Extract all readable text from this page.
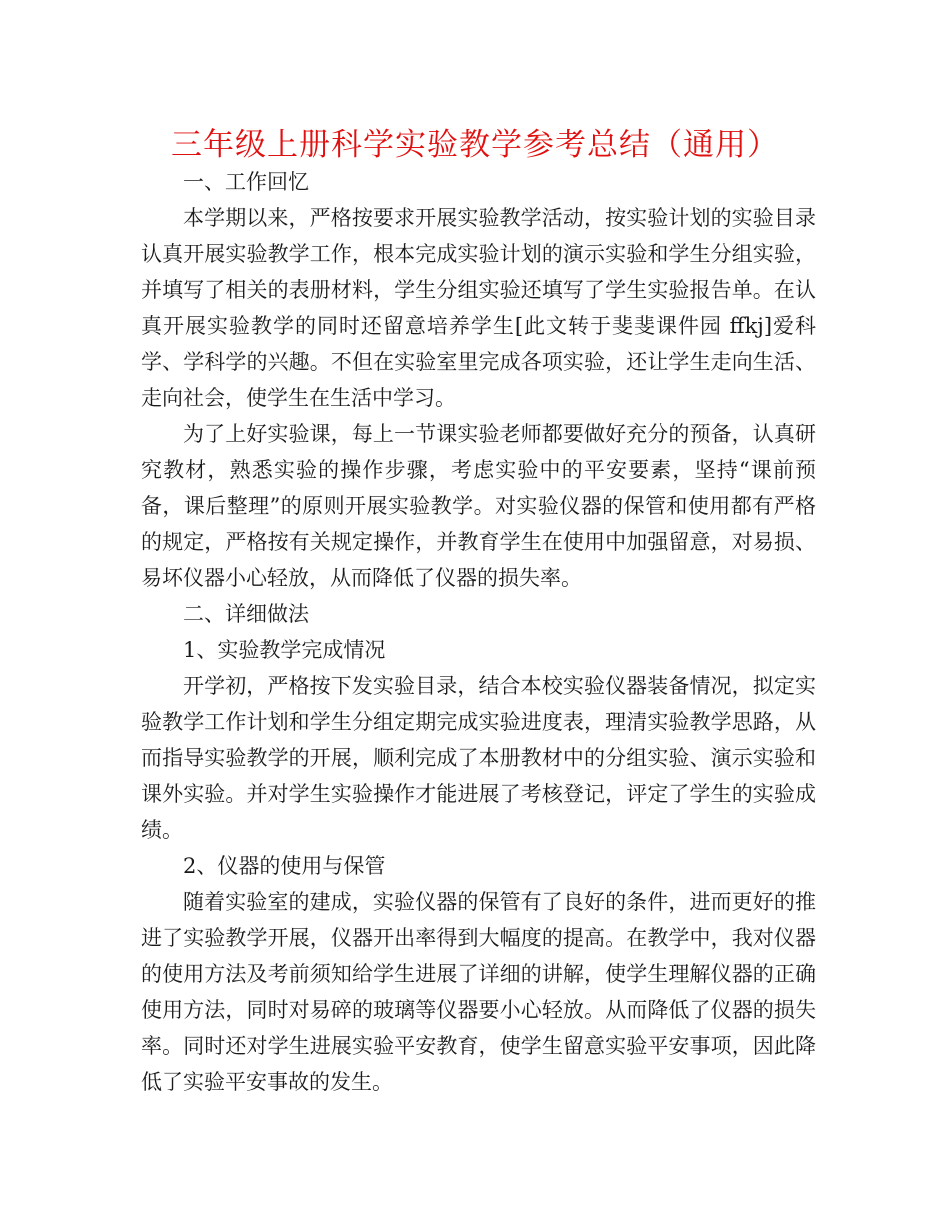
三年级上册科学实验教学参考总结（通用）

一、工作回忆

本学期以来，严格按要求开展实验教学活动，按实验计划的实验目录认真开展实验教学工作，根本完成实验计划的演示实验和学生分组实验，并填写了相关的表册材料，学生分组实验还填写了学生实验报告单。在认真开展实验教学的同时还留意培养学生[此文转于斐斐课件园 ffkj]爱科学、学科学的兴趣。不但在实验室里完成各项实验，还让学生走向生活、走向社会，使学生在生活中学习。

为了上好实验课，每上一节课实验老师都要做好充分的预备，认真研究教材，熟悉实验的操作步骤，考虑实验中的平安要素，坚持“课前预备，课后整理”的原则开展实验教学。对实验仪器的保管和使用都有严格的规定，严格按有关规定操作，并教育学生在使用中加强留意，对易损、易坏仪器小心轻放，从而降低了仪器的损失率。

二、详细做法

1、实验教学完成情况

开学初，严格按下发实验目录，结合本校实验仪器装备情况，拟定实验教学工作计划和学生分组定期完成实验进度表，理清实验教学思路，从而指导实验教学的开展，顺利完成了本册教材中的分组实验、演示实验和课外实验。并对学生实验操作才能进展了考核登记，评定了学生的实验成绩。

2、仪器的使用与保管

随着实验室的建成，实验仪器的保管有了良好的条件，进而更好的推进了实验教学开展，仪器开出率得到大幅度的提高。在教学中，我对仪器的使用方法及考前须知给学生进展了详细的讲解，使学生理解仪器的正确使用方法，同时对易碎的玻璃等仪器要小心轻放。从而降低了仪器的损失率。同时还对学生进展实验平安教育，使学生留意实验平安事项，因此降低了实验平安事故的发生。
